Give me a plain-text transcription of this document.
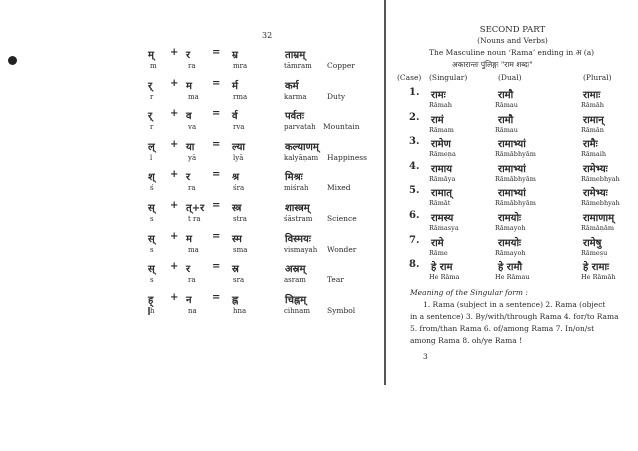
32
म् + र = म्र	ताम्रम्
m	ra	mra	tāmram Copper
र् + म = र्म	कर्म
r	ma	rma	karma	Duty
र् + व = र्व	पर्वतः
r	va	rva	parvatah Mountain
ल् + या = ल्या	कल्याणम्
l	yā	lyā	kalyāṇam Happiness
श् + र = श्र	मिश्रः
ś	ra	śra	miśrah Mixed
स् + त्+र = स्त्र	शास्त्रम्
s	t ra	stra	śāstram Science
स् + म = स्म	विस्मयः
s	ma	sma	vismayah Wonder
स् + र = स्र	अस्रम्
s	ra	sra	asram	Tear
ह् + न = ह्न	चिह्नम्
h	na	hna	cihnam Symbol
SECOND PART
(Nouns and Verbs)
The Masculine noun ‘Rama’ ending in अ (a)
अकारान्तः पुंलिङ्गः "राम शब्दः"
(Case) (Singular)	(Dual)	(Plural)
1. रामः	रामौ	रामाः
Rāmah	Rāmau	Rāmāh
2. रामं	रामौ	रामान्
Rāmam	Rāmau	Rāmān
3. रामेण	रामाभ्यां	रामैः
Rāmeṇa	Rāmābhyām	Rāmaih
4. रामाय	रामाभ्यां	रामेभ्यः
Rāmāya	Rāmābhyām	Rāmebhyah
5. रामात्	रामाभ्यां	रामेभ्यः
Rāmāt	Rāmābhyām	Rāmebhyah
6. रामस्य	रामयोः	रामाणाम्
Rāmasya	Rāmayoh	Rāmāṇām
7. रामे	रामयोः	रामेषु
Rāme	Rāmayoh	Rāmeṣu
8. हे राम	हे रामौ	हे रामाः
He Rāma	He Rāmau	He Rāmāh
Meaning of the Singular form :
1. Rama (subject in a sentence) 2. Rama (object
in a sentence) 3. By/with/through Rama 4. for/to Rama
5. from/than Rama 6. of/among Rama 7. In/on/st
among Rama 8. oh/ye Rama !
3
